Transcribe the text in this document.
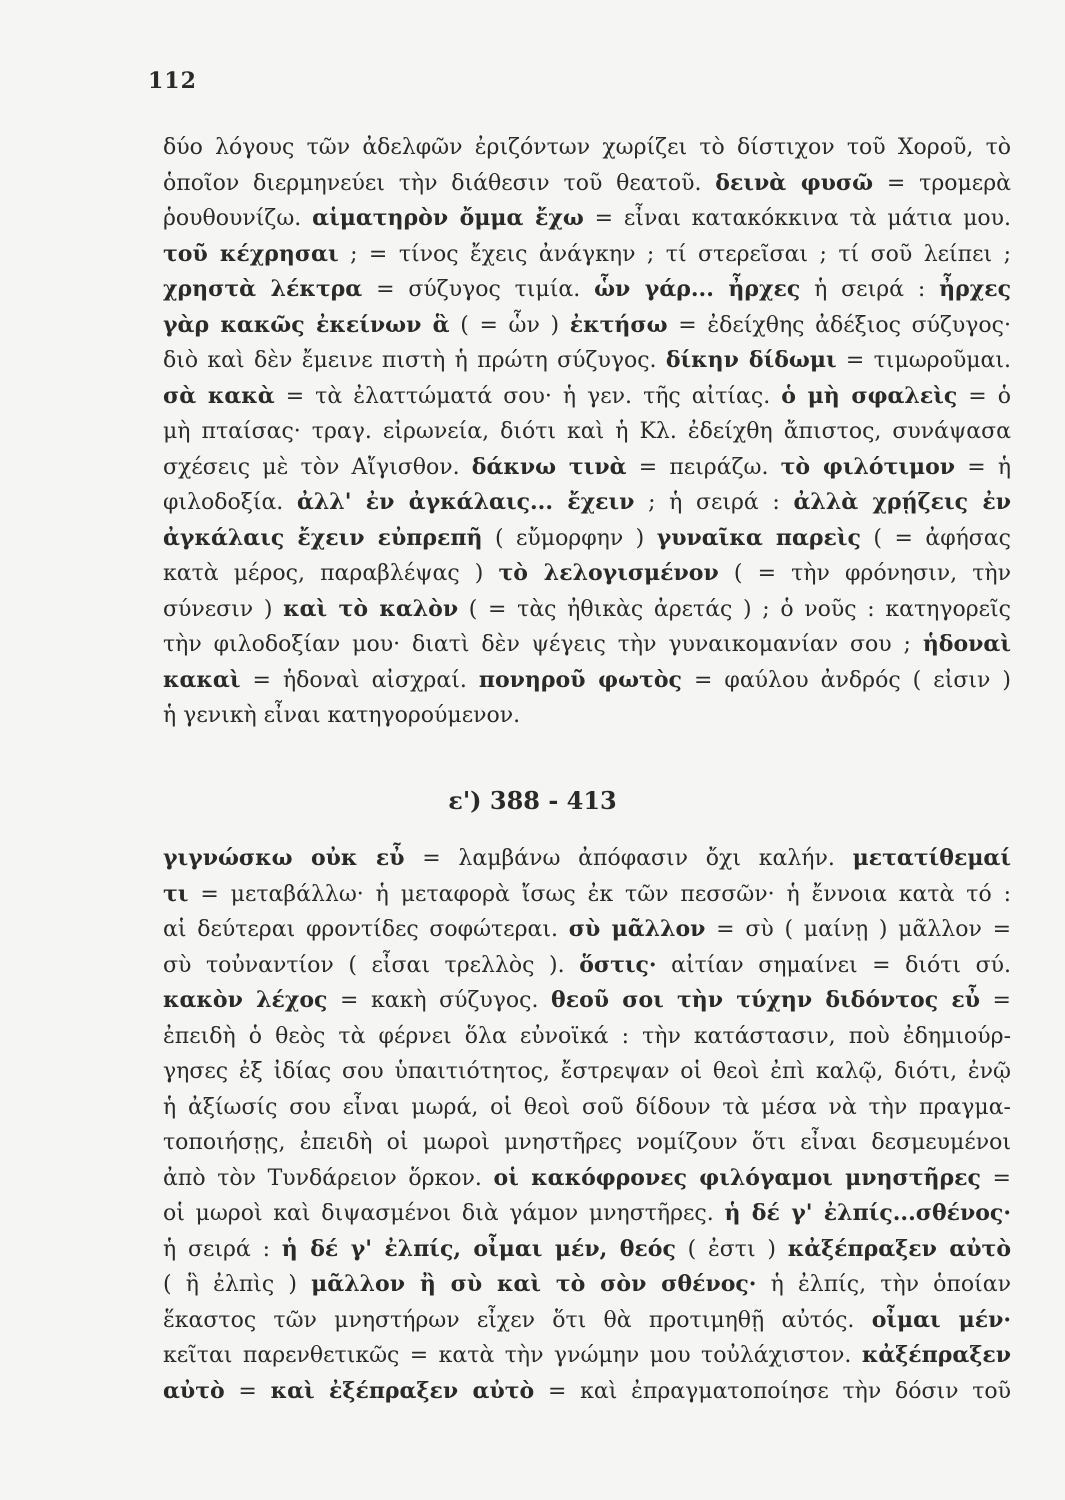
112
δύο λόγους τῶν ἀδελφῶν ἐριζόντων χωρίζει τὸ δίστιχον τοῦ Χοροῦ, τὸ
ὁποῖον διερμηνεύει τὴν διάθεσιν τοῦ θεατοῦ. δεινὰ φυσῶ = τρομερὰ
ῥουθουνίζω. αἱματηρὸν ὄμμα ἔχω = εἶναι κατακόκκινα τὰ μάτια μου.
τοῦ κέχρησαι ; = τίνος ἔχεις ἀνάγκην ; τί στερεῖσαι ; τί σοῦ λείπει ;
χρηστὰ λέκτρα = σύζυγος τιμία. ὧν γάρ... ἦρχες ἡ σειρά : ἦρχες
γὰρ κακῶς ἐκείνων ἃ ( = ὧν ) ἐκτήσω = ἐδείχθης ἀδέξιος σύζυγος·
διὸ καὶ δὲν ἔμεινε πιστὴ ἡ πρώτη σύζυγος. δίκην δίδωμι = τιμωροῦμαι.
σὰ κακὰ = τὰ ἐλαττώματά σου· ἡ γεν. τῆς αἰτίας. ὁ μὴ σφαλεὶς = ὁ
μὴ πταίσας· τραγ. εἰρωνεία, διότι καὶ ἡ Κλ. ἐδείχθη ἄπιστος, συνάψασα
σχέσεις μὲ τὸν Αἴγισθον. δάκνω τινὰ = πειράζω. τὸ φιλότιμον = ἡ
φιλοδοξία. ἀλλ' ἐν ἀγκάλαις... ἔχειν ; ἡ σειρά : ἀλλὰ χρῄζεις ἐν
ἀγκάλαις ἔχειν εὐπρεπῆ ( εὔμορφην ) γυναῖκα παρεὶς ( = ἀφήσας
κατὰ μέρος, παραβλέψας ) τὸ λελογισμένον ( = τὴν φρόνησιν, τὴν
σύνεσιν ) καὶ τὸ καλὸν ( = τὰς ἠθικὰς ἀρετάς ) ; ὁ νοῦς : κατηγορεῖς
τὴν φιλοδοξίαν μου· διατὶ δὲν ψέγεις τὴν γυναικομανίαν σου ; ἡδοναὶ
κακαὶ = ἡδοναὶ αἰσχραί. πονηροῦ φωτὸς = φαύλου ἀνδρός ( εἰσιν )
ἡ γενικὴ εἶναι κατηγορούμενον.
ε') 388 - 413
γιγνώσκω οὐκ εὖ = λαμβάνω ἀπόφασιν ὄχι καλήν. μετατίθεμαί
τι = μεταβάλλω· ἡ μεταφορὰ ἴσως ἐκ τῶν πεσσῶν· ἡ ἔννοια κατὰ τό :
αἱ δεύτεραι φροντίδες σοφώτεραι. σὺ μᾶλλον = σὺ ( μαίνῃ ) μᾶλλον =
σὺ τοὐναντίον ( εἶσαι τρελλὸς ). ὅστις· αἰτίαν σημαίνει = διότι σύ.
κακὸν λέχος = κακὴ σύζυγος. θεοῦ σοι τὴν τύχην διδόντος εὖ =
ἐπειδὴ ὁ θεὸς τὰ φέρνει ὅλα εὐνοϊκά : τὴν κατάστασιν, ποὺ ἐδημιούρ-
γησες ἐξ ἰδίας σου ὑπαιτιότητος, ἔστρεψαν οἱ θεοὶ ἐπὶ καλῷ, διότι, ἐνῷ
ἡ ἀξίωσίς σου εἶναι μωρά, οἱ θεοὶ σοῦ δίδουν τὰ μέσα νὰ τὴν πραγμα-
τοποιήσῃς, ἐπειδὴ οἱ μωροὶ μνηστῆρες νομίζουν ὅτι εἶναι δεσμευμένοι
ἀπὸ τὸν Τυνδάρειον ὅρκον. οἱ κακόφρονες φιλόγαμοι μνηστῆρες =
οἱ μωροὶ καὶ διψασμένοι διὰ γάμον μνηστῆρες. ἡ δέ γ' ἐλπίς...σθένος·
ἡ σειρά : ἡ δέ γ' ἐλπίς, οἶμαι μέν, θεός ( ἐστι ) κἀξέπραξεν αὐτὸ
( ἣ ἐλπὶς ) μᾶλλον ἢ σὺ καὶ τὸ σὸν σθένος· ἡ ἐλπίς, τὴν ὁποίαν
ἕκαστος τῶν μνηστήρων εἶχεν ὅτι θὰ προτιμηθῇ αὐτός. οἶμαι μέν·
κεῖται παρενθετικῶς = κατὰ τὴν γνώμην μου τοὐλάχιστον. κἀξέπραξεν
αὐτὸ = καὶ ἐξέπραξεν αὐτὸ = καὶ ἐπραγματοποίησε τὴν δόσιν τοῦ
